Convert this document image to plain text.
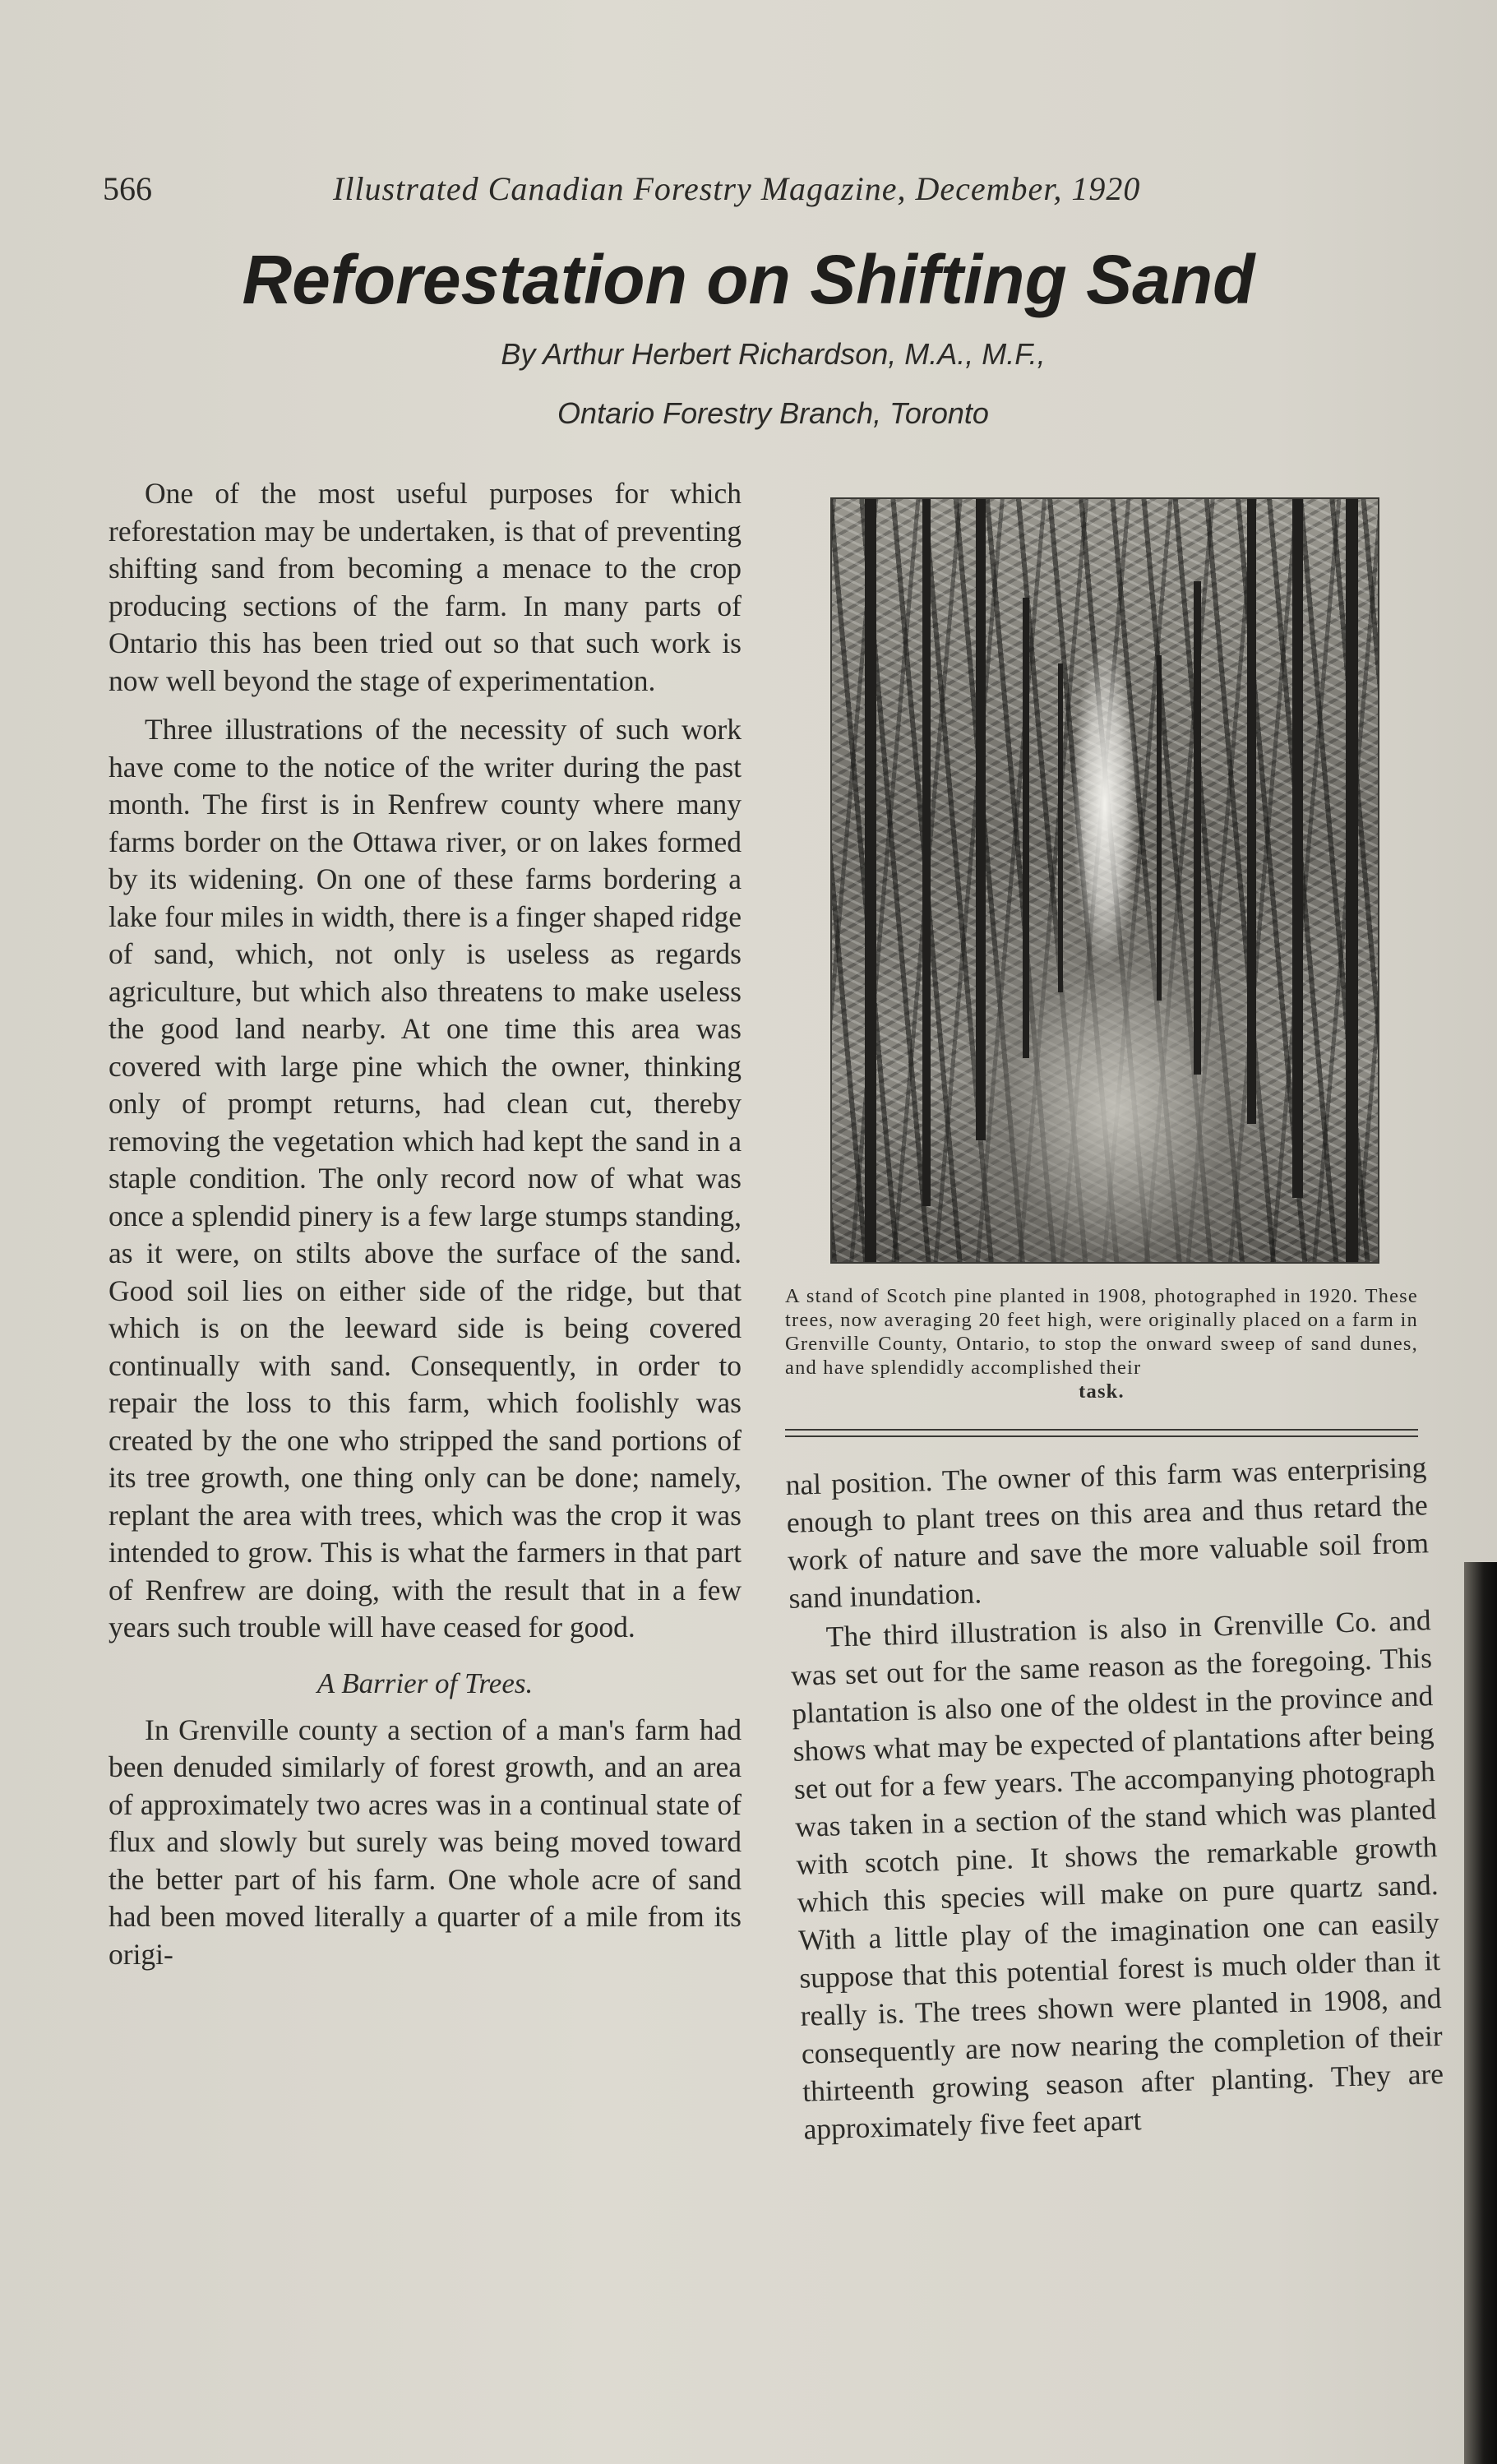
566	Illustrated Canadian Forestry Magazine, December, 1920
Reforestation on Shifting Sand
By Arthur Herbert Richardson, M.A., M.F.,
Ontario Forestry Branch, Toronto

One of the most useful purposes for which reforestation may be undertaken, is that of preventing shifting sand from becoming a menace to the crop producing sections of the farm. In many parts of Ontario this has been tried out so that such work is now well beyond the stage of experimentation.

Three illustrations of the necessity of such work have come to the notice of the writer during the past month. The first is in Renfrew county where many farms border on the Ottawa river, or on lakes formed by its widening. On one of these farms bordering a lake four miles in width, there is a finger shaped ridge of sand, which, not only is useless as regards agriculture, but which also threatens to make useless the good land nearby. At one time this area was covered with large pine which the owner, thinking only of prompt returns, had clean cut, thereby removing the vegetation which had kept the sand in a staple condition. The only record now of what was once a splendid pinery is a few large stumps standing, as it were, on stilts above the surface of the sand. Good soil lies on either side of the ridge, but that which is on the leeward side is being covered continually with sand. Consequently, in order to repair the loss to this farm, which foolishly was created by the one who stripped the sand portions of its tree growth, one thing only can be done; namely, replant the area with trees, which was the crop it was intended to grow. This is what the farmers in that part of Renfrew are doing, with the result that in a few years such trouble will have ceased for good.

A Barrier of Trees.

In Grenville county a section of a man's farm had been denuded similarly of forest growth, and an area of approximately two acres was in a continual state of flux and slowly but surely was being moved toward the better part of his farm. One whole acre of sand had been moved literally a quarter of a mile from its origi-

A stand of Scotch pine planted in 1908, photographed in 1920. These trees, now averaging 20 feet high, were originally placed on a farm in Grenville County, Ontario, to stop the onward sweep of sand dunes, and have splendidly accomplished their
task.

nal position. The owner of this farm was enterprising enough to plant trees on this area and thus retard the work of nature and save the more valuable soil from sand inundation.

The third illustration is also in Grenville Co. and was set out for the same reason as the foregoing. This plantation is also one of the oldest in the province and shows what may be expected of plantations after being set out for a few years. The accompanying photograph was taken in a section of the stand which was planted with scotch pine. It shows the remarkable growth which this species will make on pure quartz sand. With a little play of the imagination one can easily suppose that this potential forest is much older than it really is. The trees shown were planted in 1908, and consequently are now nearing the completion of their thirteenth growing season after planting. They are approximately five feet apart
